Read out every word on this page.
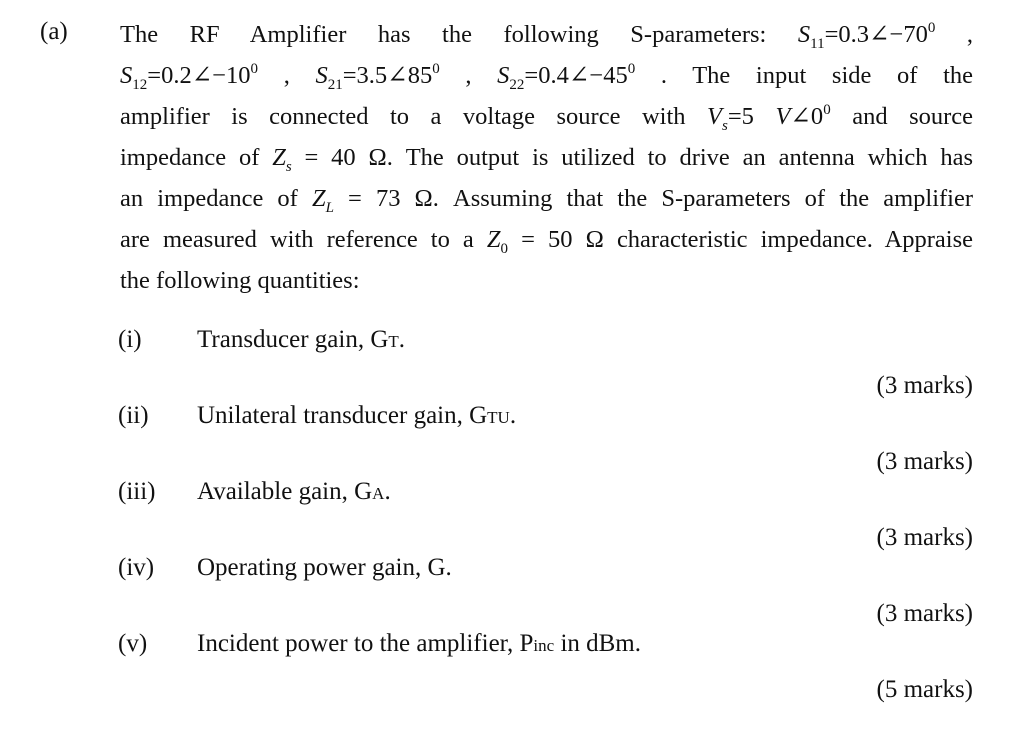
(a) The RF Amplifier has the following S-parameters: $S_{11}=0.3\angle-70^0$ ,
$S_{12}=0.2\angle-10^0$ , $S_{21}=3.5\angle 85^0$ , $S_{22}=0.4\angle-45^0$ . The input side of the
amplifier is connected to a voltage source with $V_s=5$ $V\angle 0^0$ and source
impedance of $Z_s = 40$ Ω. The output is utilized to drive an antenna which has
an impedance of $Z_L = 73$ Ω. Assuming that the S-parameters of the amplifier
are measured with reference to a $Z_0 = 50$ Ω characteristic impedance. Appraise
the following quantities:
(i) Transducer gain, GT.
(3 marks)
(ii) Unilateral transducer gain, GTU.
(3 marks)
(iii) Available gain, GA.
(3 marks)
(iv) Operating power gain, G.
(3 marks)
(v) Incident power to the amplifier, Pinc in dBm.
(5 marks)
